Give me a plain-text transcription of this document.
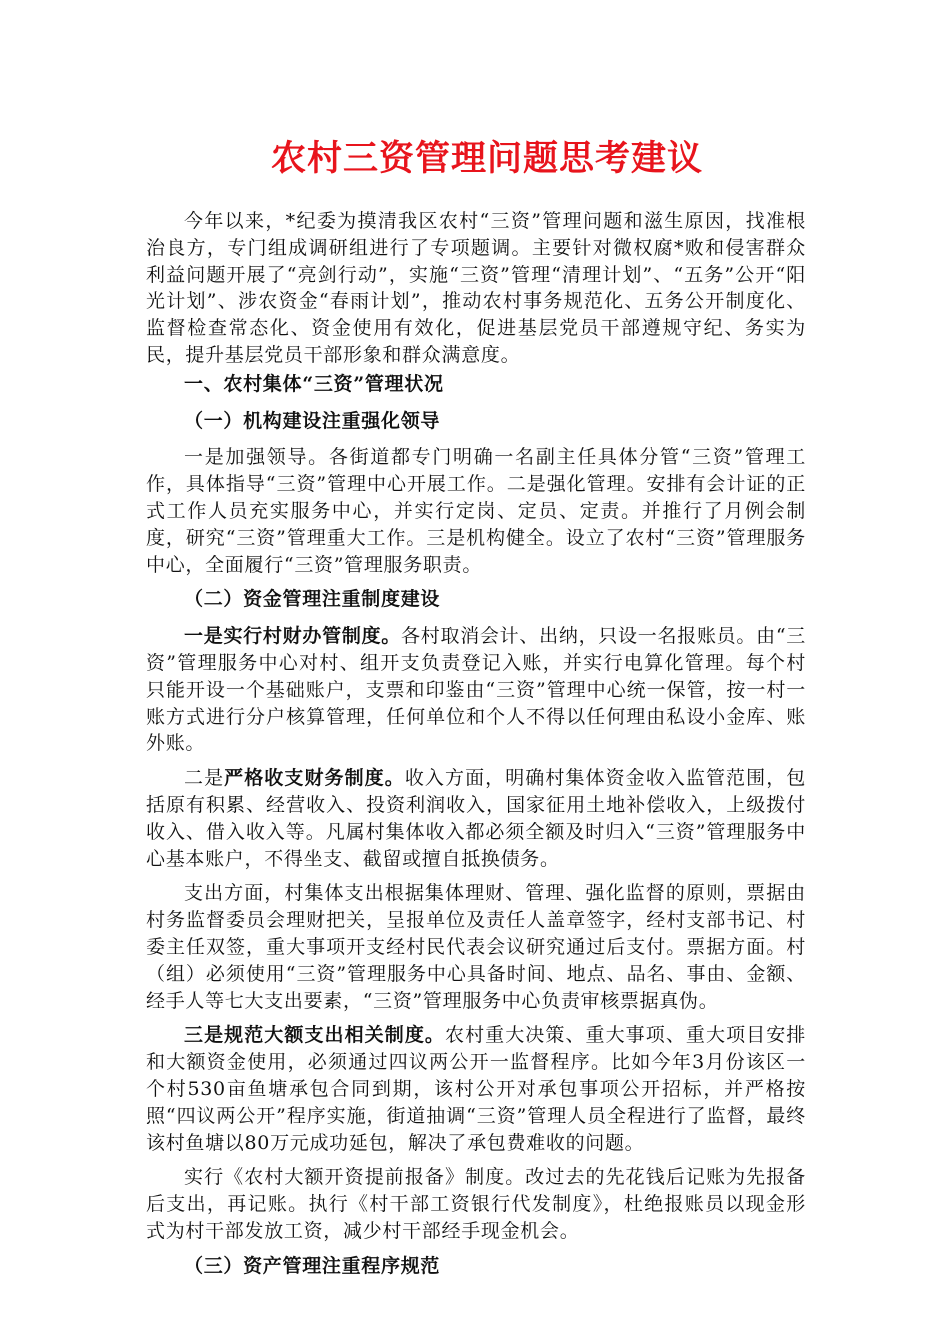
农村三资管理问题思考建议

今年以来，*纪委为摸清我区农村“三资”管理问题和滋生原因，找准根治良方，专门组成调研组进行了专项题调。主要针对微权腐*败和侵害群众利益问题开展了“亮剑行动”，实施“三资”管理“清理计划”、“五务”公开“阳光计划”、涉农资金“春雨计划”，推动农村事务规范化、五务公开制度化、监督检查常态化、资金使用有效化，促进基层党员干部遵规守纪、务实为民，提升基层党员干部形象和群众满意度。

一、农村集体“三资”管理状况

（一）机构建设注重强化领导

一是加强领导。各街道都专门明确一名副主任具体分管“三资”管理工作，具体指导“三资”管理中心开展工作。二是强化管理。安排有会计证的正式工作人员充实服务中心，并实行定岗、定员、定责。并推行了月例会制度，研究“三资”管理重大工作。三是机构健全。设立了农村“三资”管理服务中心，全面履行“三资”管理服务职责。

（二）资金管理注重制度建设

一是实行村财办管制度。各村取消会计、出纳，只设一名报账员。由“三资”管理服务中心对村、组开支负责登记入账，并实行电算化管理。每个村只能开设一个基础账户，支票和印鉴由“三资”管理中心统一保管，按一村一账方式进行分户核算管理，任何单位和个人不得以任何理由私设小金库、账外账。

二是严格收支财务制度。收入方面，明确村集体资金收入监管范围，包括原有积累、经营收入、投资利润收入，国家征用土地补偿收入，上级拨付收入、借入收入等。凡属村集体收入都必须全额及时归入“三资”管理服务中心基本账户，不得坐支、截留或擅自抵换债务。

支出方面，村集体支出根据集体理财、管理、强化监督的原则，票据由村务监督委员会理财把关，呈报单位及责任人盖章签字，经村支部书记、村委主任双签，重大事项开支经村民代表会议研究通过后支付。票据方面。村（组）必须使用“三资”管理服务中心具备时间、地点、品名、事由、金额、经手人等七大支出要素，“三资”管理服务中心负责审核票据真伪。

三是规范大额支出相关制度。农村重大决策、重大事项、重大项目安排和大额资金使用，必须通过四议两公开一监督程序。比如今年3月份该区一个村530亩鱼塘承包合同到期，该村公开对承包事项公开招标，并严格按照“四议两公开”程序实施，街道抽调“三资”管理人员全程进行了监督，最终该村鱼塘以80万元成功延包，解决了承包费难收的问题。

实行《农村大额开资提前报备》制度。改过去的先花钱后记账为先报备后支出，再记账。执行《村干部工资银行代发制度》，杜绝报账员以现金形式为村干部发放工资，减少村干部经手现金机会。

（三）资产管理注重程序规范
